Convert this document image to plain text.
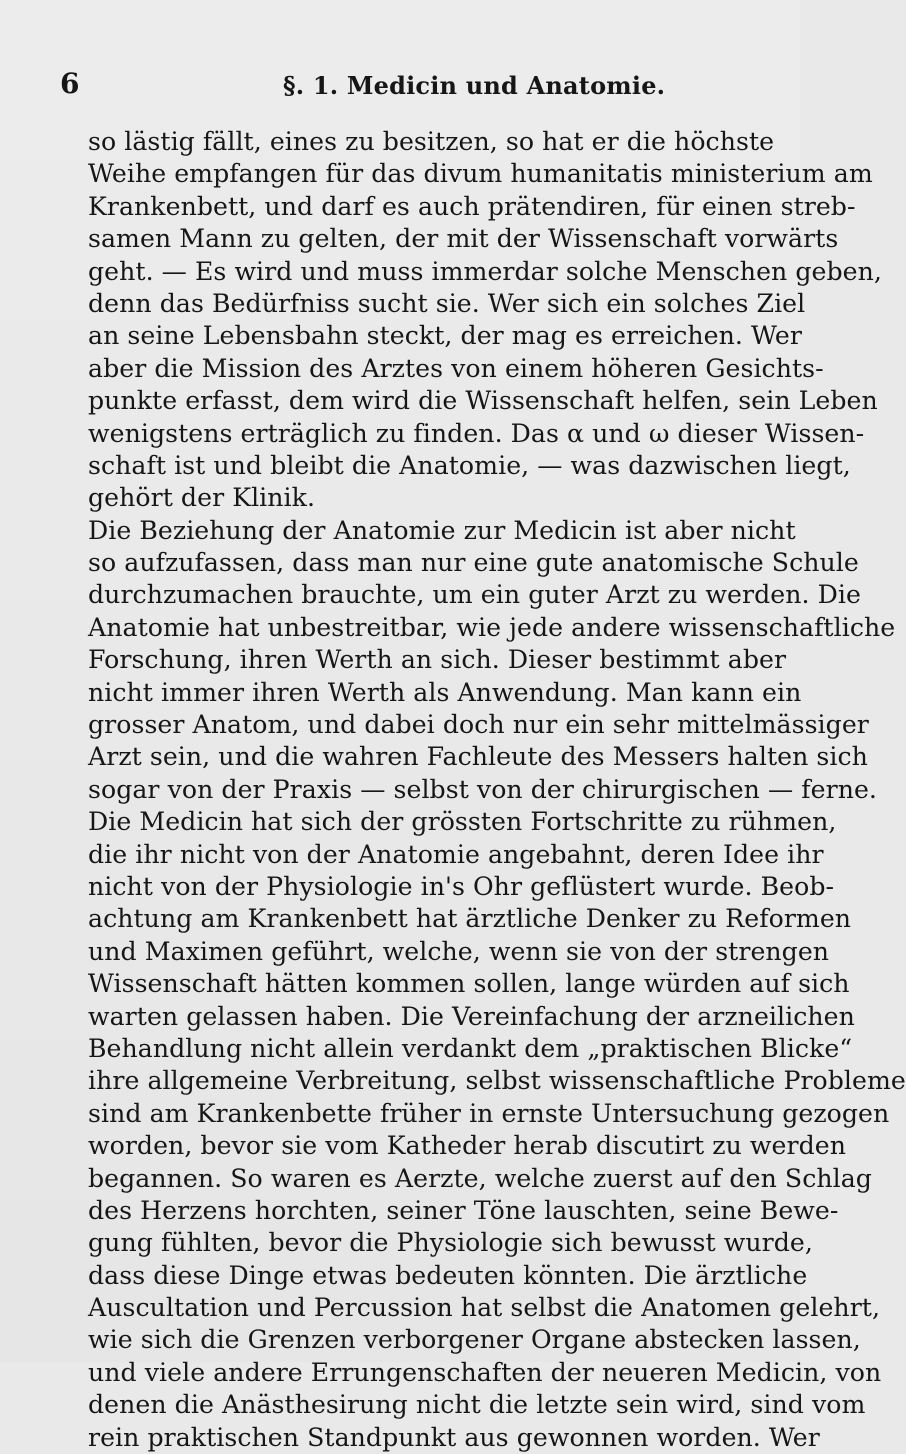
6	§. 1. Medicin und Anatomie.
so lästig fällt, eines zu besitzen, so hat er die höchste
Weihe empfangen für das divum humanitatis ministerium am
Krankenbett, und darf es auch prätendiren, für einen streb-
samen Mann zu gelten, der mit der Wissenschaft vorwärts
geht. — Es wird und muss immerdar solche Menschen geben,
denn das Bedürfniss sucht sie. Wer sich ein solches Ziel
an seine Lebensbahn steckt, der mag es erreichen. Wer
aber die Mission des Arztes von einem höheren Gesichts-
punkte erfasst, dem wird die Wissenschaft helfen, sein Leben
wenigstens erträglich zu finden. Das α und ω dieser Wissen-
schaft ist und bleibt die Anatomie, — was dazwischen liegt,
gehört der Klinik.
Die Beziehung der Anatomie zur Medicin ist aber nicht
so aufzufassen, dass man nur eine gute anatomische Schule
durchzumachen brauchte, um ein guter Arzt zu werden. Die
Anatomie hat unbestreitbar, wie jede andere wissenschaftliche
Forschung, ihren Werth an sich. Dieser bestimmt aber
nicht immer ihren Werth als Anwendung. Man kann ein
grosser Anatom, und dabei doch nur ein sehr mittelmässiger
Arzt sein, und die wahren Fachleute des Messers halten sich
sogar von der Praxis — selbst von der chirurgischen — ferne.
Die Medicin hat sich der grössten Fortschritte zu rühmen,
die ihr nicht von der Anatomie angebahnt, deren Idee ihr
nicht von der Physiologie in's Ohr geflüstert wurde. Beob-
achtung am Krankenbett hat ärztliche Denker zu Reformen
und Maximen geführt, welche, wenn sie von der strengen
Wissenschaft hätten kommen sollen, lange würden auf sich
warten gelassen haben. Die Vereinfachung der arzneilichen
Behandlung nicht allein verdankt dem „praktischen Blicke“
ihre allgemeine Verbreitung, selbst wissenschaftliche Probleme
sind am Krankenbette früher in ernste Untersuchung gezogen
worden, bevor sie vom Katheder herab discutirt zu werden
begannen. So waren es Aerzte, welche zuerst auf den Schlag
des Herzens horchten, seiner Töne lauschten, seine Bewe-
gung fühlten, bevor die Physiologie sich bewusst wurde,
dass diese Dinge etwas bedeuten könnten. Die ärztliche
Auscultation und Percussion hat selbst die Anatomen gelehrt,
wie sich die Grenzen verborgener Organe abstecken lassen,
und viele andere Errungenschaften der neueren Medicin, von
denen die Anästhesirung nicht die letzte sein wird, sind vom
rein praktischen Standpunkt aus gewonnen worden. Wer
